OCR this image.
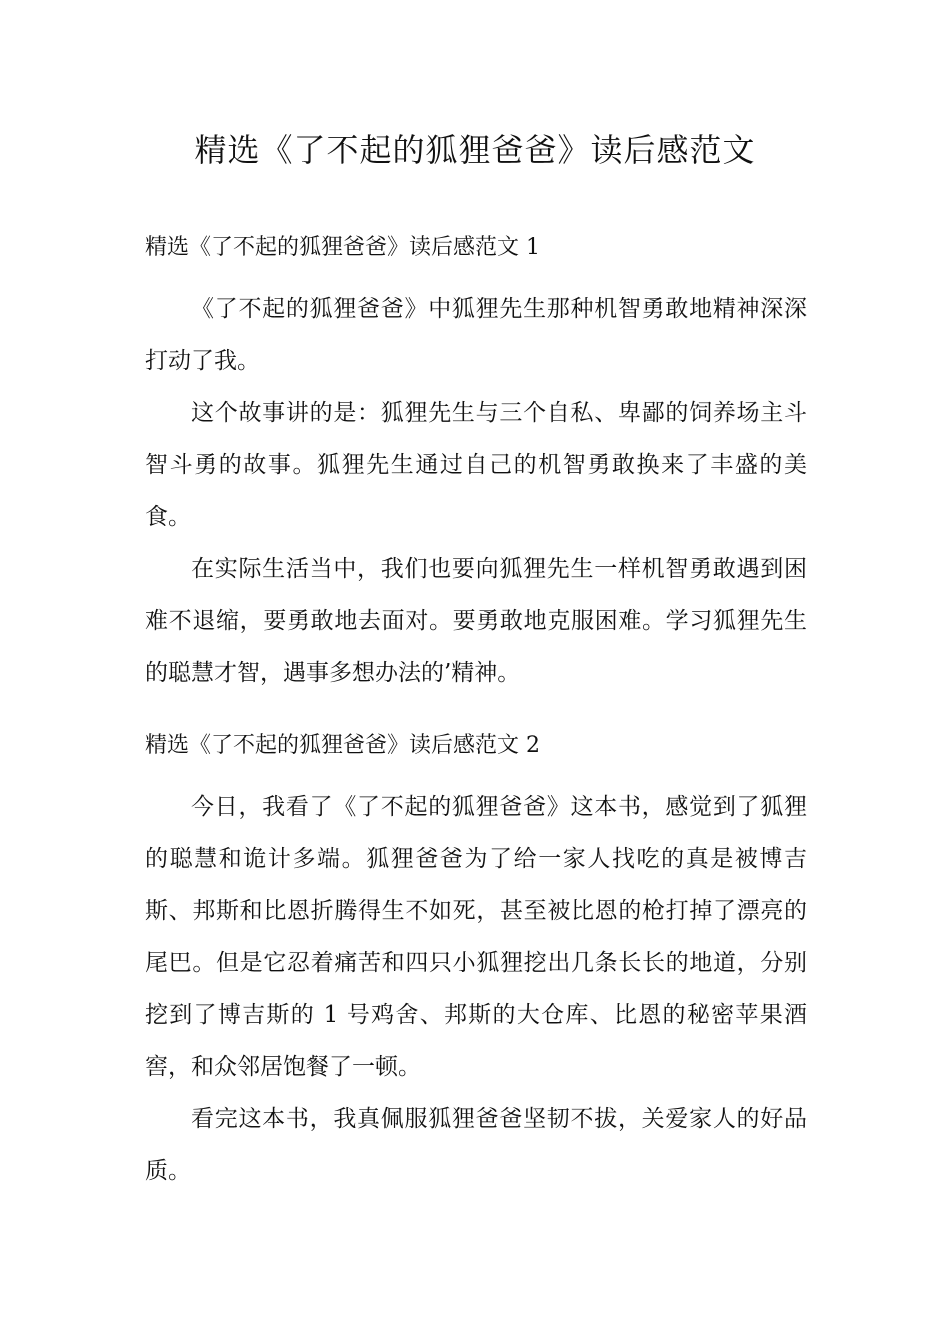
精选《了不起的狐狸爸爸》读后感范文
精选《了不起的狐狸爸爸》读后感范文 1

《了不起的狐狸爸爸》中狐狸先生那种机智勇敢地精神深深打动了我。

这个故事讲的是：狐狸先生与三个自私、卑鄙的饲养场主斗智斗勇的故事。狐狸先生通过自己的机智勇敢换来了丰盛的美食。

在实际生活当中，我们也要向狐狸先生一样机智勇敢遇到困难不退缩，要勇敢地去面对。要勇敢地克服困难。学习狐狸先生的聪慧才智，遇事多想办法的’精神。

精选《了不起的狐狸爸爸》读后感范文 2

今日，我看了《了不起的狐狸爸爸》这本书，感觉到了狐狸的聪慧和诡计多端。狐狸爸爸为了给一家人找吃的真是被博吉斯、邦斯和比恩折腾得生不如死，甚至被比恩的枪打掉了漂亮的尾巴。但是它忍着痛苦和四只小狐狸挖出几条长长的地道，分别挖到了博吉斯的 1 号鸡舍、邦斯的大仓库、比恩的秘密苹果酒窖，和众邻居饱餐了一顿。

看完这本书，我真佩服狐狸爸爸坚韧不拔，关爱家人的好品质。
